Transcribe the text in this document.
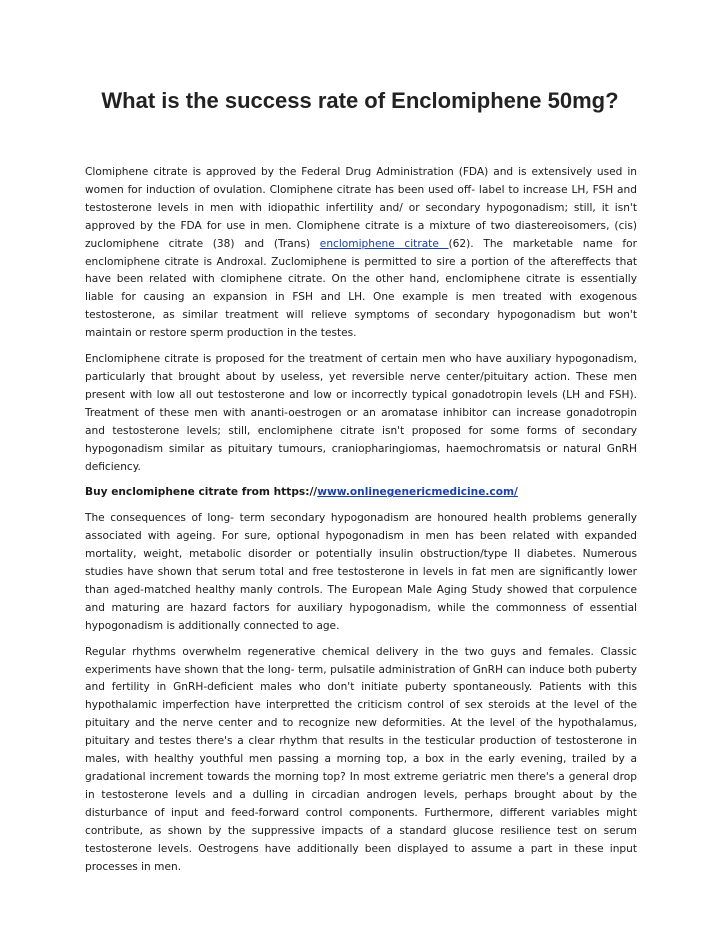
What is the success rate of Enclomiphene 50mg?

Clomiphene citrate is approved by the Federal Drug Administration (FDA) and is extensively used in women for induction of ovulation. Clomiphene citrate has been used off- label to increase LH, FSH and testosterone levels in men with idiopathic infertility and/ or secondary hypogonadism; still, it isn't approved by the FDA for use in men. Clomiphene citrate is a mixture of two diastereoisomers, (cis) zuclomiphene citrate (38) and (Trans) enclomiphene citrate (62). The marketable name for enclomiphene citrate is Androxal. Zuclomiphene is permitted to sire a portion of the aftereffects that have been related with clomiphene citrate. On the other hand, enclomiphene citrate is essentially liable for causing an expansion in FSH and LH. One example is men treated with exogenous testosterone, as similar treatment will relieve symptoms of secondary hypogonadism but won't maintain or restore sperm production in the testes.

Enclomiphene citrate is proposed for the treatment of certain men who have auxiliary hypogonadism, particularly that brought about by useless, yet reversible nerve center/pituitary action. These men present with low all out testosterone and low or incorrectly typical gonadotropin levels (LH and FSH). Treatment of these men with ananti-oestrogen or an aromatase inhibitor can increase gonadotropin and testosterone levels; still, enclomiphene citrate isn't proposed for some forms of secondary hypogonadism similar as pituitary tumours, craniopharingiomas, haemochromatsis or natural GnRH deficiency.

Buy enclomiphene citrate from https://www.onlinegenericmedicine.com/

The consequences of long- term secondary hypogonadism are honoured health problems generally associated with ageing. For sure, optional hypogonadism in men has been related with expanded mortality, weight, metabolic disorder or potentially insulin obstruction/type II diabetes. Numerous studies have shown that serum total and free testosterone in levels in fat men are significantly lower than aged-matched healthy manly controls. The European Male Aging Study showed that corpulence and maturing are hazard factors for auxiliary hypogonadism, while the commonness of essential hypogonadism is additionally connected to age.

Regular rhythms overwhelm regenerative chemical delivery in the two guys and females. Classic experiments have shown that the long- term, pulsatile administration of GnRH can induce both puberty and fertility in GnRH-deficient males who don't initiate puberty spontaneously. Patients with this hypothalamic imperfection have interpretted the criticism control of sex steroids at the level of the pituitary and the nerve center and to recognize new deformities. At the level of the hypothalamus, pituitary and testes there's a clear rhythm that results in the testicular production of testosterone in males, with healthy youthful men passing a morning top, a box in the early evening, trailed by a gradational increment towards the morning top? In most extreme geriatric men there's a general drop in testosterone levels and a dulling in circadian androgen levels, perhaps brought about by the disturbance of input and feed-forward control components. Furthermore, different variables might contribute, as shown by the suppressive impacts of a standard glucose resilience test on serum testosterone levels. Oestrogens have additionally been displayed to assume a part in these input processes in men.
